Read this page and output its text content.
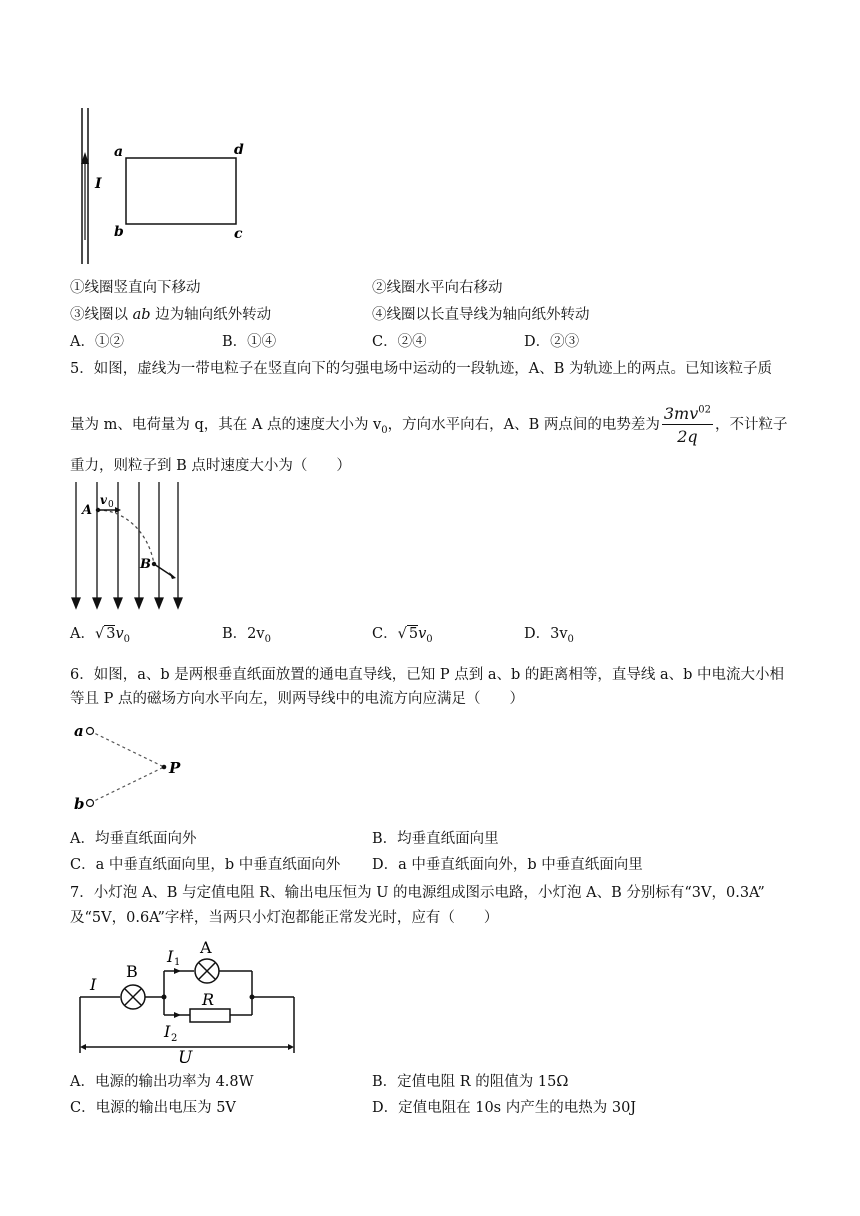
I
a	d
b	c
①线圈竖直向下移动	②线圈水平向右移动
③线圈以 ab 边为轴向纸外转动	④线圈以长直导线为轴向纸外转动
A．①②	B．①④	C．②④	D．②③
5．如图，虚线为一带电粒子在竖直向下的匀强电场中运动的一段轨迹，A、B 为轨迹上的两点。已知该粒子质
量为 m、电荷量为 q，其在 A 点的速度大小为 $v_0$，方向水平向右，A、B 两点间的电势差为 $\frac{3mv^{02}}{2q}$ ，不计粒子
重力，则粒子到 B 点时速度大小为（　　）
A
v 0
B
A．√ $3v_0$	B．$2v_0$	C．√ $5v_0$	D．$3v_0$
6．如图，a、b 是两根垂直纸面放置的通电直导线，已知 P 点到 a、b 的距离相等，直导线 a、b 中电流大小相
等且 P 点的磁场方向水平向左，则两导线中的电流方向应满足（　　）
a
b
P
A．均垂直纸面向外	B．均垂直纸面向里
C．a 中垂直纸面向里，b 中垂直纸面向外 D．a 中垂直纸面向外，b 中垂直纸面向里
7．小灯泡 A、B 与定值电阻 R、输出电压恒为 U 的电源组成图示电路，小灯泡 A、B 分别标有“3V，0.3A”
及“5V，0.6A”字样，当两只小灯泡都能正常发光时，应有（　　）
I
B
A
I 1
R
I 2
U
A．电源的输出功率为 4.8W	B．定值电阻 R 的阻值为 15Ω
C．电源的输出电压为 5V	D．定值电阻在 10s 内产生的电热为 30J
